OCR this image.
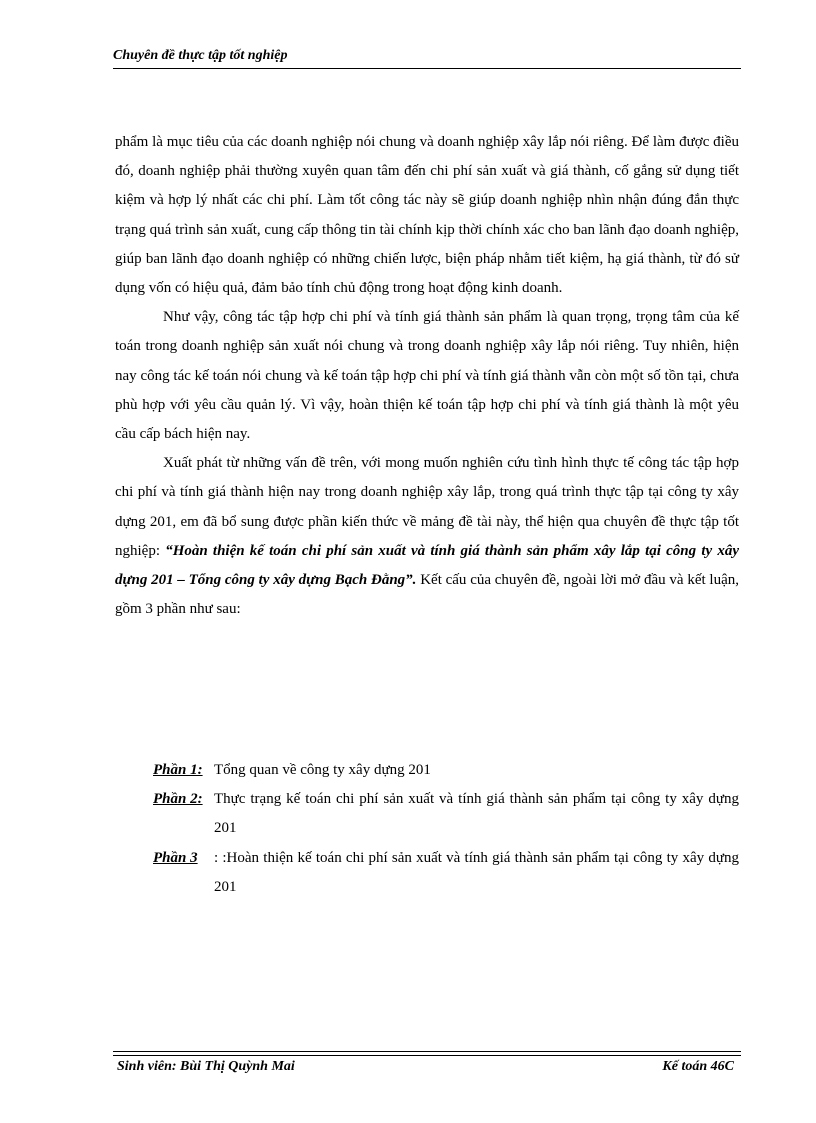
Chuyên đề thực tập tốt nghiệp

phẩm là mục tiêu của các doanh nghiệp nói chung và doanh nghiệp xây lắp nói riêng. Để làm được điều đó, doanh nghiệp phải thường xuyên quan tâm đến chi phí sản xuất và giá thành, cố gắng sử dụng tiết kiệm và hợp lý nhất các chi phí. Làm tốt công tác này sẽ giúp doanh nghiệp nhìn nhận đúng đắn thực trạng quá trình sản xuất, cung cấp thông tin tài chính kịp thời chính xác cho ban lãnh đạo doanh nghiệp, giúp ban lãnh đạo doanh nghiệp có những chiến lược, biện pháp nhằm tiết kiệm, hạ giá thành, từ đó sử dụng vốn có hiệu quả, đảm bảo tính chủ động trong hoạt động kinh doanh.

Như vậy, công tác tập hợp chi phí và tính giá thành sản phẩm là quan trọng, trọng tâm của kế toán trong doanh nghiệp sản xuất nói chung và trong doanh nghiệp xây lắp nói riêng. Tuy nhiên, hiện nay công tác kế toán nói chung và kế toán tập hợp chi phí và tính giá thành vẫn còn một số tồn tại, chưa phù hợp với yêu cầu quản lý. Vì vậy, hoàn thiện kế toán tập hợp chi phí và tính giá thành là một yêu cầu cấp bách hiện nay.

Xuất phát từ những vấn đề trên, với mong muốn nghiên cứu tình hình thực tế công tác tập hợp chi phí và tính giá thành hiện nay trong doanh nghiệp xây lắp, trong quá trình thực tập tại công ty xây dựng 201, em đã bổ sung được phần kiến thức về mảng đề tài này, thể hiện qua chuyên đề thực tập tốt nghiệp: “Hoàn thiện kế toán chi phí sản xuất và tính giá thành sản phẩm xây lắp tại công ty xây dựng 201 – Tổng công ty xây dựng Bạch Đằng”. Kết cấu của chuyên đề, ngoài lời mở đầu và kết luận, gồm 3 phần như sau:

Phần 1: Tổng quan về công ty xây dựng 201
Phần 2: Thực trạng kế toán chi phí sản xuất và tính giá thành sản phẩm tại công ty xây dựng 201
Phần 3 : :Hoàn thiện kế toán chi phí sản xuất và tính giá thành sản phẩm tại công ty xây dựng 201
Sinh viên: Bùi Thị Quỳnh Mai	Kế toán 46C
